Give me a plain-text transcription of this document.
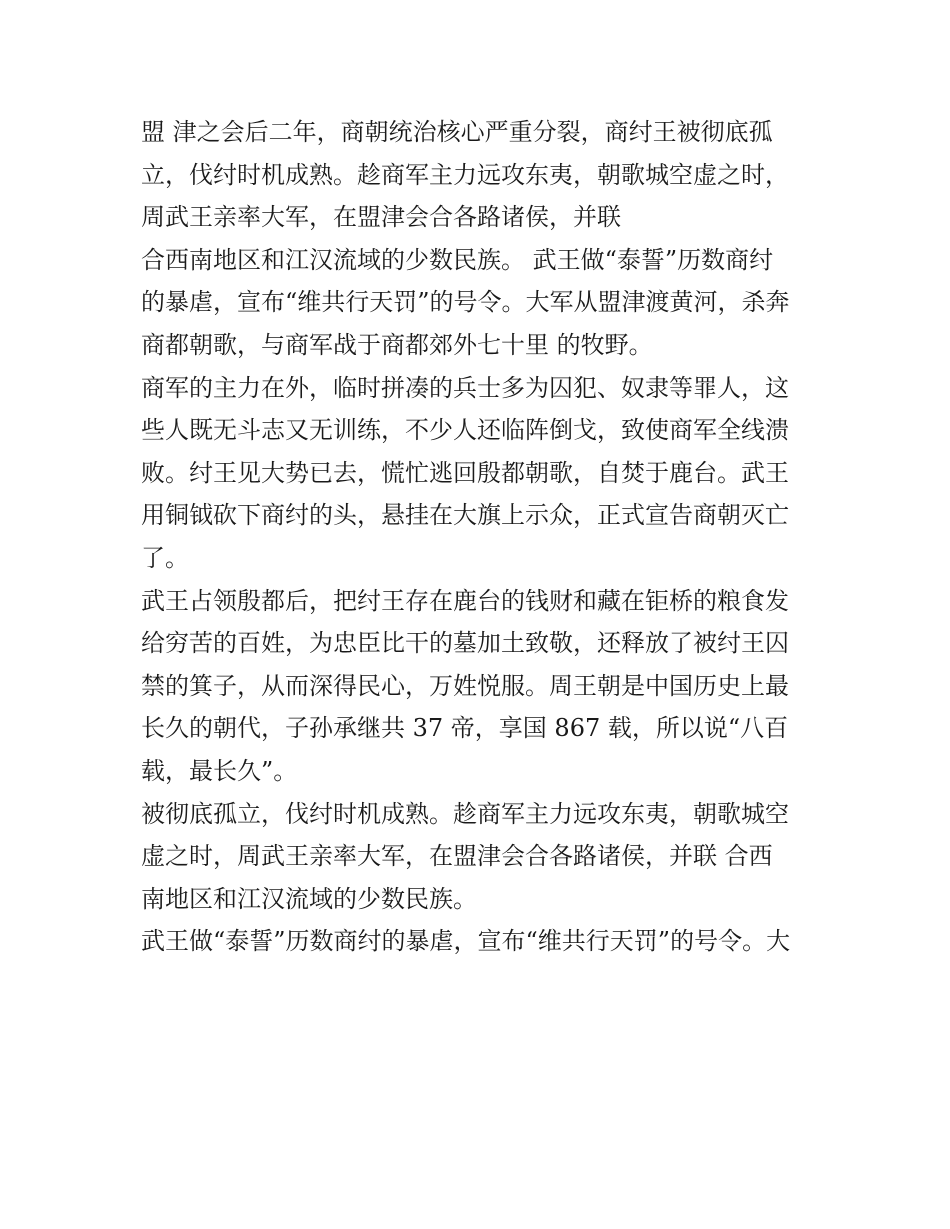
盟 津之会后二年，商朝统治核心严重分裂，商纣王被彻底孤
立，伐纣时机成熟。趁商军主力远攻东夷，朝歌城空虚之时，
周武王亲率大军，在盟津会合各路诸侯，并联
合西南地区和江汉流域的少数民族。 武王做“泰誓”历数商纣
的暴虐，宣布“维共行天罚”的号令。大军从盟津渡黄河，杀奔
商都朝歌，与商军战于商都郊外七十里 的牧野。
商军的主力在外，临时拼凑的兵士多为囚犯、奴隶等罪人，这
些人既无斗志又无训练，不少人还临阵倒戈，致使商军全线溃
败。纣王见大势已去，慌忙逃回殷都朝歌，自焚于鹿台。武王
用铜钺砍下商纣的头，悬挂在大旗上示众，正式宣告商朝灭亡
了。
武王占领殷都后，把纣王存在鹿台的钱财和藏在钜桥的粮食发
给穷苦的百姓，为忠臣比干的墓加土致敬，还释放了被纣王囚
禁的箕子，从而深得民心，万姓悦服。周王朝是中国历史上最
长久的朝代，子孙承继共 37 帝，享国 867 载，所以说“八百
载，最长久”。
被彻底孤立，伐纣时机成熟。趁商军主力远攻东夷，朝歌城空
虚之时，周武王亲率大军，在盟津会合各路诸侯，并联 合西
南地区和江汉流域的少数民族。
武王做“泰誓”历数商纣的暴虐，宣布“维共行天罚”的号令。大
